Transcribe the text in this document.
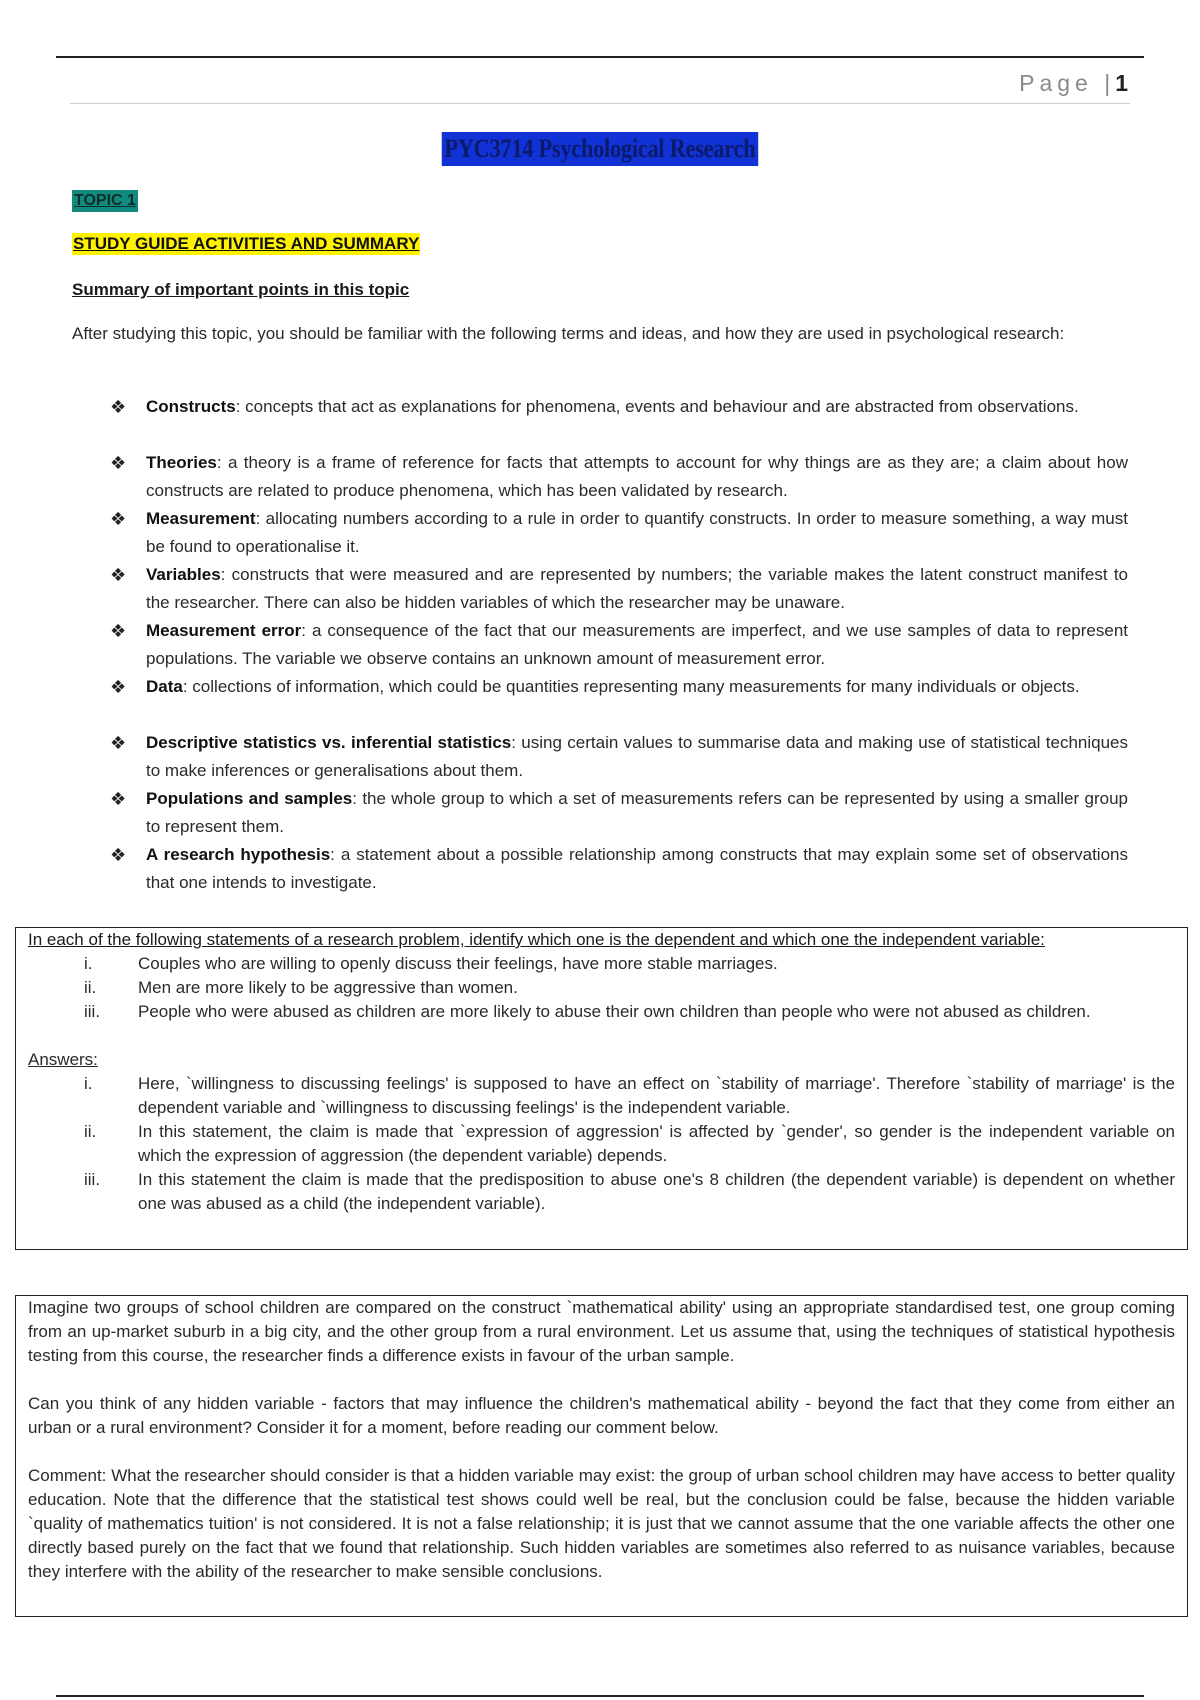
Page |1
PYC3714 Psychological Research
TOPIC 1
STUDY GUIDE ACTIVITIES AND SUMMARY
Summary of important points in this topic
After studying this topic, you should be familiar with the following terms and ideas, and how they are used in psychological research:
❖ Constructs: concepts that act as explanations for phenomena, events and behaviour and are abstracted from observations.
❖ Theories: a theory is a frame of reference for facts that attempts to account for why things are as they are; a claim about how constructs are related to produce phenomena, which has been validated by research.
❖ Measurement: allocating numbers according to a rule in order to quantify constructs. In order to measure something, a way must be found to operationalise it.
❖ Variables: constructs that were measured and are represented by numbers; the variable makes the latent construct manifest to the researcher. There can also be hidden variables of which the researcher may be unaware.
❖ Measurement error: a consequence of the fact that our measurements are imperfect, and we use samples of data to represent populations. The variable we observe contains an unknown amount of measurement error.
❖ Data: collections of information, which could be quantities representing many measurements for many individuals or objects.
❖ Descriptive statistics vs. inferential statistics: using certain values to summarise data and making use of statistical techniques to make inferences or generalisations about them.
❖ Populations and samples: the whole group to which a set of measurements refers can be represented by using a smaller group to represent them.
❖ A research hypothesis: a statement about a possible relationship among constructs that may explain some set of observations that one intends to investigate.
In each of the following statements of a research problem, identify which one is the dependent and which one the independent variable:
i.	Couples who are willing to openly discuss their feelings, have more stable marriages.
ii.	Men are more likely to be aggressive than women.
iii.	People who were abused as children are more likely to abuse their own children than people who were not abused as children.
Answers:
i.	Here, `willingness to discussing feelings' is supposed to have an effect on `stability of marriage'. Therefore `stability of marriage' is the dependent variable and `willingness to discussing feelings' is the independent variable.
ii.	In this statement, the claim is made that `expression of aggression' is affected by `gender', so gender is the independent variable on which the expression of aggression (the dependent variable) depends.
iii.	In this statement the claim is made that the predisposition to abuse one's 8 children (the dependent variable) is dependent on whether one was abused as a child (the independent variable).

Imagine two groups of school children are compared on the construct `mathematical ability' using an appropriate standardised test, one group coming from an up-market suburb in a big city, and the other group from a rural environment. Let us assume that, using the techniques of statistical hypothesis testing from this course, the researcher finds a difference exists in favour of the urban sample.

Can you think of any hidden variable - factors that may influence the children's mathematical ability - beyond the fact that they come from either an urban or a rural environment? Consider it for a moment, before reading our comment below.

Comment: What the researcher should consider is that a hidden variable may exist: the group of urban school children may have access to better quality education. Note that the difference that the statistical test shows could well be real, but the conclusion could be false, because the hidden variable `quality of mathematics tuition' is not considered. It is not a false relationship; it is just that we cannot assume that the one variable affects the other one directly based purely on the fact that we found that relationship. Such hidden variables are sometimes also referred to as nuisance variables, because they interfere with the ability of the researcher to make sensible conclusions.
